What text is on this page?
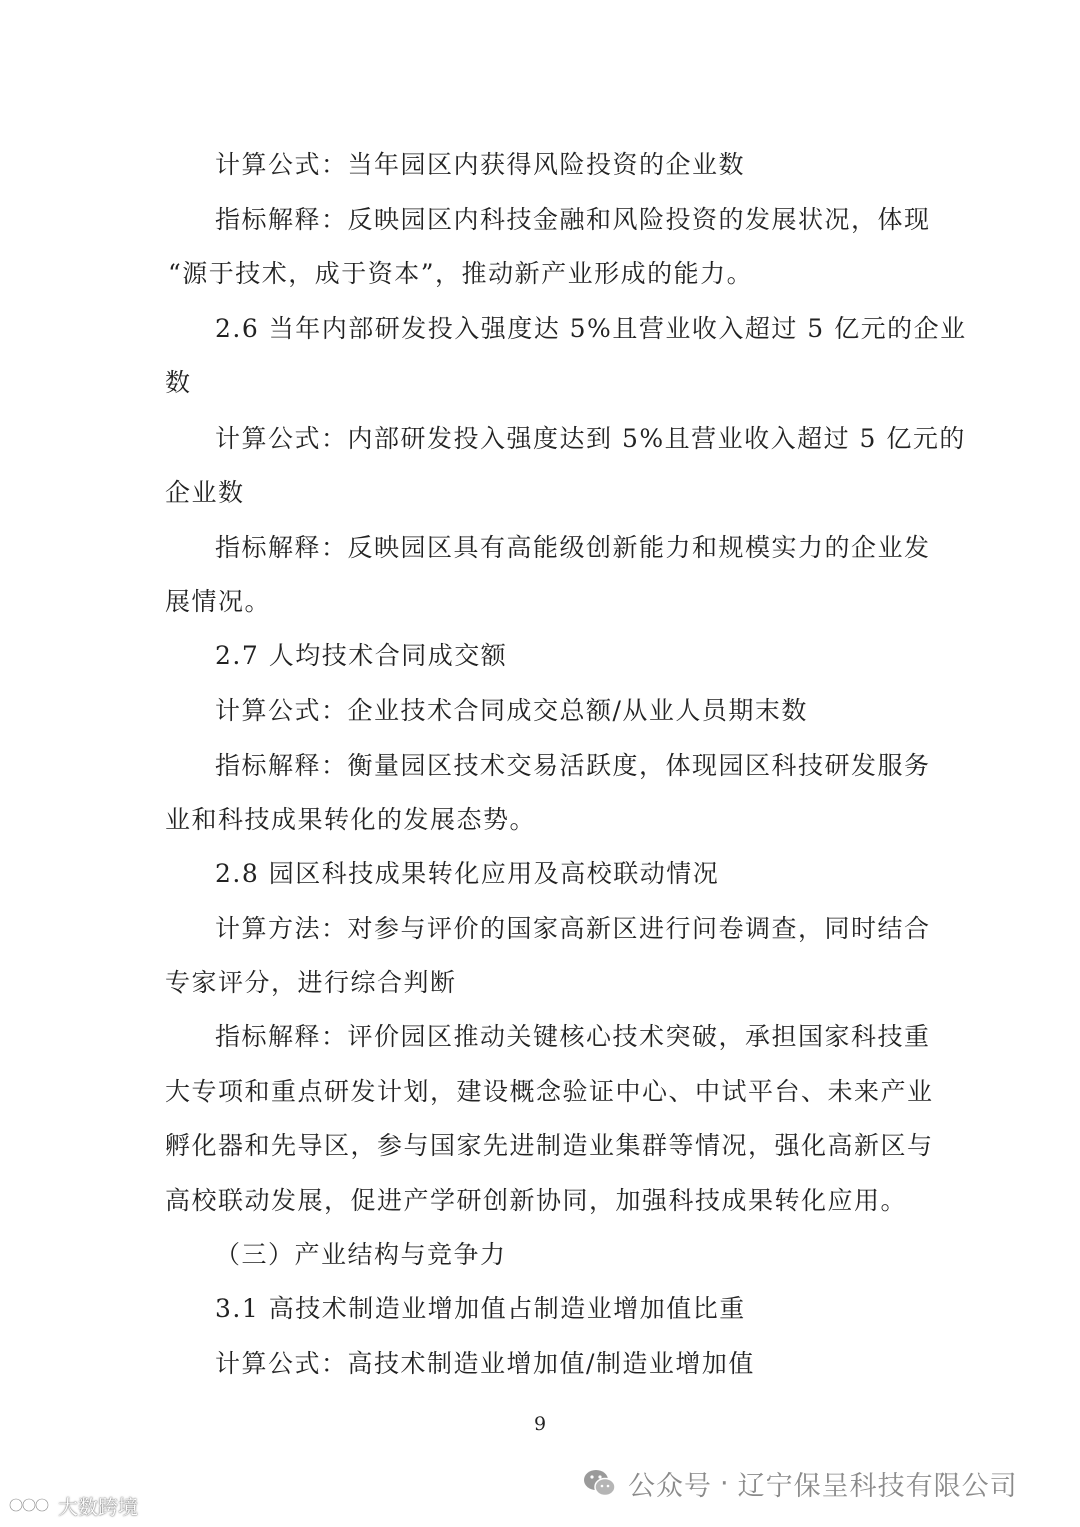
计算公式：当年园区内获得风险投资的企业数
指标解释：反映园区内科技金融和风险投资的发展状况，体现
“源于技术，成于资本”，推动新产业形成的能力。
2.6 当年内部研发投入强度达 5%且营业收入超过 5 亿元的企业
数
计算公式：内部研发投入强度达到 5%且营业收入超过 5 亿元的
企业数
指标解释：反映园区具有高能级创新能力和规模实力的企业发
展情况。
2.7 人均技术合同成交额
计算公式：企业技术合同成交总额/从业人员期末数
指标解释：衡量园区技术交易活跃度，体现园区科技研发服务
业和科技成果转化的发展态势。
2.8 园区科技成果转化应用及高校联动情况
计算方法：对参与评价的国家高新区进行问卷调查，同时结合
专家评分，进行综合判断
指标解释：评价园区推动关键核心技术突破，承担国家科技重
大专项和重点研发计划，建设概念验证中心、中试平台、未来产业
孵化器和先导区，参与国家先进制造业集群等情况，强化高新区与
高校联动发展，促进产学研创新协同，加强科技成果转化应用。
（三）产业结构与竞争力
3.1 高技术制造业增加值占制造业增加值比重
计算公式：高技术制造业增加值/制造业增加值
9
公众号 · 辽宁保呈科技有限公司
大数跨境
